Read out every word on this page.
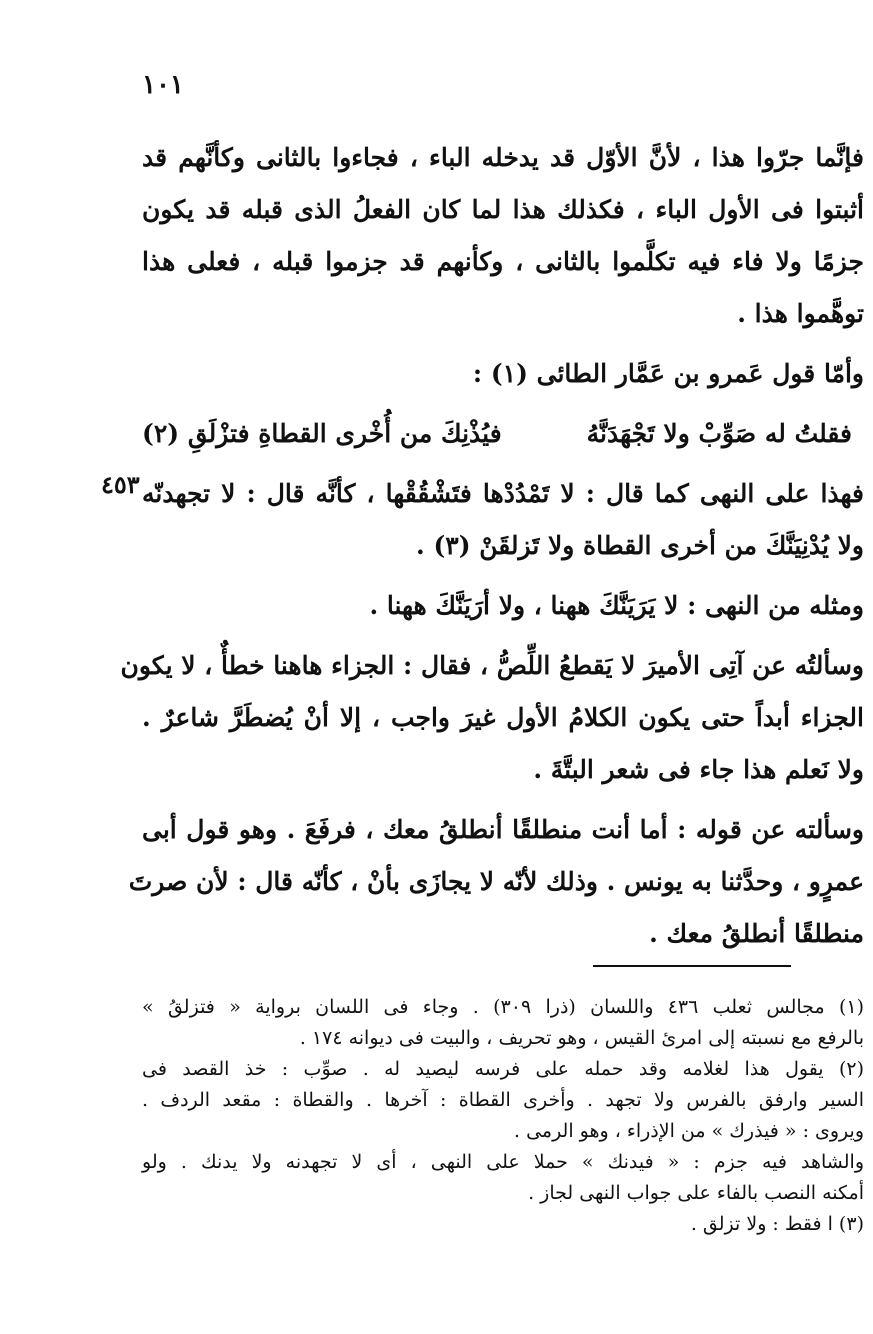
١٠١
٤٥٣
فإنَّما جرّوا هذا ، لأنَّ الأوّل قد يدخله الباء ، فجاءوا بالثانى وكأنَّهم قد
أثبتوا فى الأول الباء ، فكذلك هذا لما كان الفعلُ الذى قبله قد يكون
جزمًا ولا فاء فيه تكلَّموا بالثانى ، وكأنهم قد جزموا قبله ، فعلى هذا
توهَّموا هذا .
وأمّا قول عَمرو بن عَمَّار الطائى (١) :
فقلتُ له صَوِّبْ ولا تَجْهَدَنَّهُ
فيُذْنِكَ من أُخْرى القطاةِ فتزْلَقِ (٢)
فهذا على النهى كما قال : لا تَمْدُدْها فتَشْقُقْها ، كأنَّه قال : لا تجهدنّه
ولا يُدْنِيَنَّكَ من أخرى القطاة ولا تَزلقَنْ (٣) .
ومثله من النهى : لا يَرَيَنَّكَ ههنا ، ولا أرَيَنَّكَ ههنا .
وسألتُه عن آتِى الأميرَ لا يَقطعُ اللِّصُّ ، فقال : الجزاء هاهنا خطأٌ ، لا يكون
الجزاء أبداً حتى يكون الكلامُ الأول غيرَ واجب ، إلا أنْ يُضطَرَّ شاعرٌ .
ولا نَعلم هذا جاء فى شعر البتَّةَ .
وسألته عن قوله : أما أنت منطلقًا أنطلقُ معك ، فرفَعَ . وهو قول أبى
عمرٍو ، وحدَّثنا به يونس . وذلك لأنّه لا يجازَى بأنْ ، كأنّه قال : لأن صرتَ
منطلقًا أنطلقُ معك .
(١) مجالس ثعلب ٤٣٦ واللسان (ذرا ٣٠٩) . وجاء فى اللسان برواية « فتزلقُ »
بالرفع مع نسبته إلى امرئ القيس ، وهو تحريف ، والبيت فى ديوانه ١٧٤ .
(٢) يقول هذا لغلامه وقد حمله على فرسه ليصيد له . صوِّب : خذ القصد فى
السير وارفق بالفرس ولا تجهد . وأخرى القطاة : آخرها . والقطاة : مقعد الردف .
ويروى : « فيذرك » من الإذراء ، وهو الرمى .
والشاهد فيه جزم : « فيدنك » حملا على النهى ، أى لا تجهدنه ولا يدنك . ولو
أمكنه النصب بالفاء على جواب النهى لجاز .
(٣) ا فقط : ولا تزلق .
